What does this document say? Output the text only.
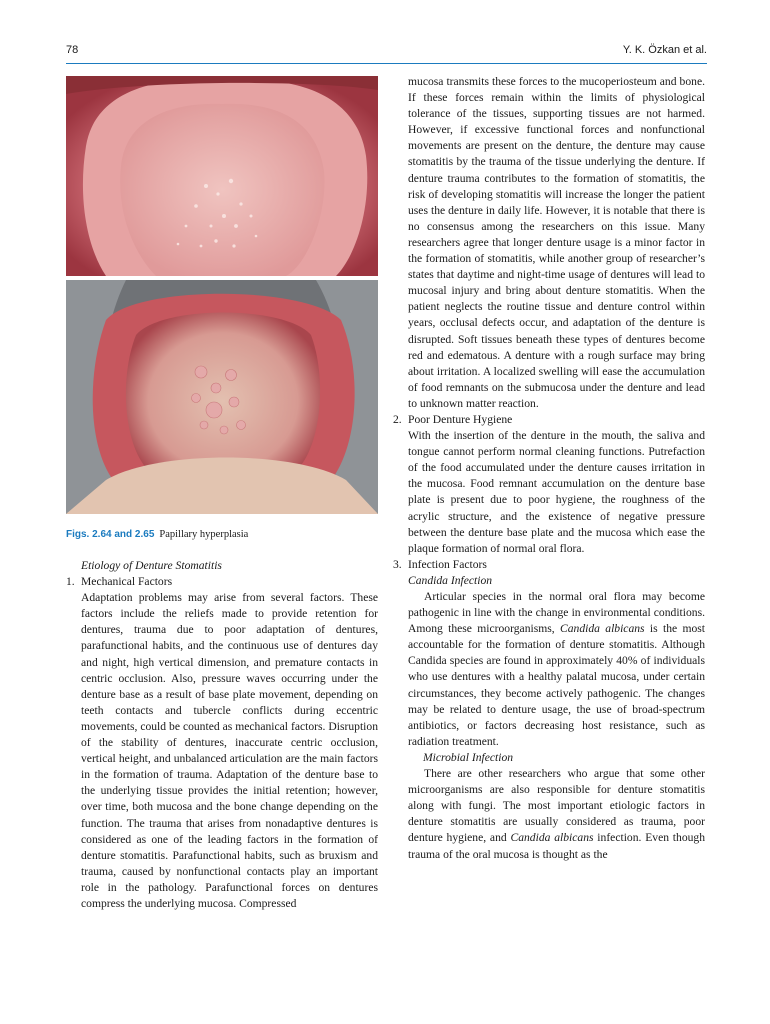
78	Y. K. Özkan et al.
Figs. 2.64 and 2.65 Papillary hyperplasia

Etiology of Denture Stomatitis

1. Mechanical Factors

Adaptation problems may arise from several factors. These factors include the reliefs made to provide retention for dentures, trauma due to poor adaptation of dentures, parafunctional habits, and the continuous use of dentures day and night, high vertical dimension, and premature contacts in centric occlusion. Also, pressure waves occurring under the denture base as a result of base plate movement, depending on teeth contacts and tubercle conflicts during eccentric movements, could be counted as mechanical factors. Disruption of the stability of dentures, inaccurate centric occlusion, vertical height, and unbalanced articulation are the main factors in the formation of trauma. Adaptation of the denture base to the underlying tissue provides the initial retention; however, over time, both mucosa and the bone change depending on the function. The trauma that arises from nonadaptive dentures is considered as one of the leading factors in the formation of denture stomatitis. Parafunctional habits, such as bruxism and trauma, caused by nonfunctional contacts play an important role in the pathology. Parafunctional forces on dentures compress the underlying mucosa. Compressed

mucosa transmits these forces to the mucoperiosteum and bone. If these forces remain within the limits of physiological tolerance of the tissues, supporting tissues are not harmed. However, if excessive functional forces and nonfunctional movements are present on the denture, the denture may cause stomatitis by the trauma of the tissue underlying the denture. If denture trauma contributes to the formation of stomatitis, the risk of developing stomatitis will increase the longer the patient uses the denture in daily life. However, it is notable that there is no consensus among the researchers on this issue. Many researchers agree that longer denture usage is a minor factor in the formation of stomatitis, while another group of researcher’s states that daytime and night-time usage of dentures will lead to mucosal injury and bring about denture stomatitis. When the patient neglects the routine tissue and denture control within years, occlusal defects occur, and adaptation of the denture is disrupted. Soft tissues beneath these types of dentures become red and edematous. A denture with a rough surface may bring about irritation. A localized swelling will ease the accumulation of food remnants on the submucosa under the denture and lead to unknown matter reaction.

2. Poor Denture Hygiene

With the insertion of the denture in the mouth, the saliva and tongue cannot perform normal cleaning functions. Putrefaction of the food accumulated under the denture causes irritation in the mucosa. Food remnant accumulation on the denture base plate is present due to poor hygiene, the roughness of the acrylic structure, and the existence of negative pressure between the denture base plate and the mucosa which ease the plaque formation of normal oral flora.

3. Infection Factors

Candida Infection

Articular species in the normal oral flora may become pathogenic in line with the change in environmental conditions. Among these microorganisms, Candida albicans is the most accountable for the formation of denture stomatitis. Although Candida species are found in approximately 40% of individuals who use dentures with a healthy palatal mucosa, under certain circumstances, they become actively pathogenic. The changes may be related to denture usage, the use of broad-spectrum antibiotics, or factors decreasing host resistance, such as radiation treatment.

Microbial Infection

There are other researchers who argue that some other microorganisms are also responsible for denture stomatitis along with fungi. The most important etiologic factors in denture stomatitis are usually considered as trauma, poor denture hygiene, and Candida albicans infection. Even though trauma of the oral mucosa is thought as the
